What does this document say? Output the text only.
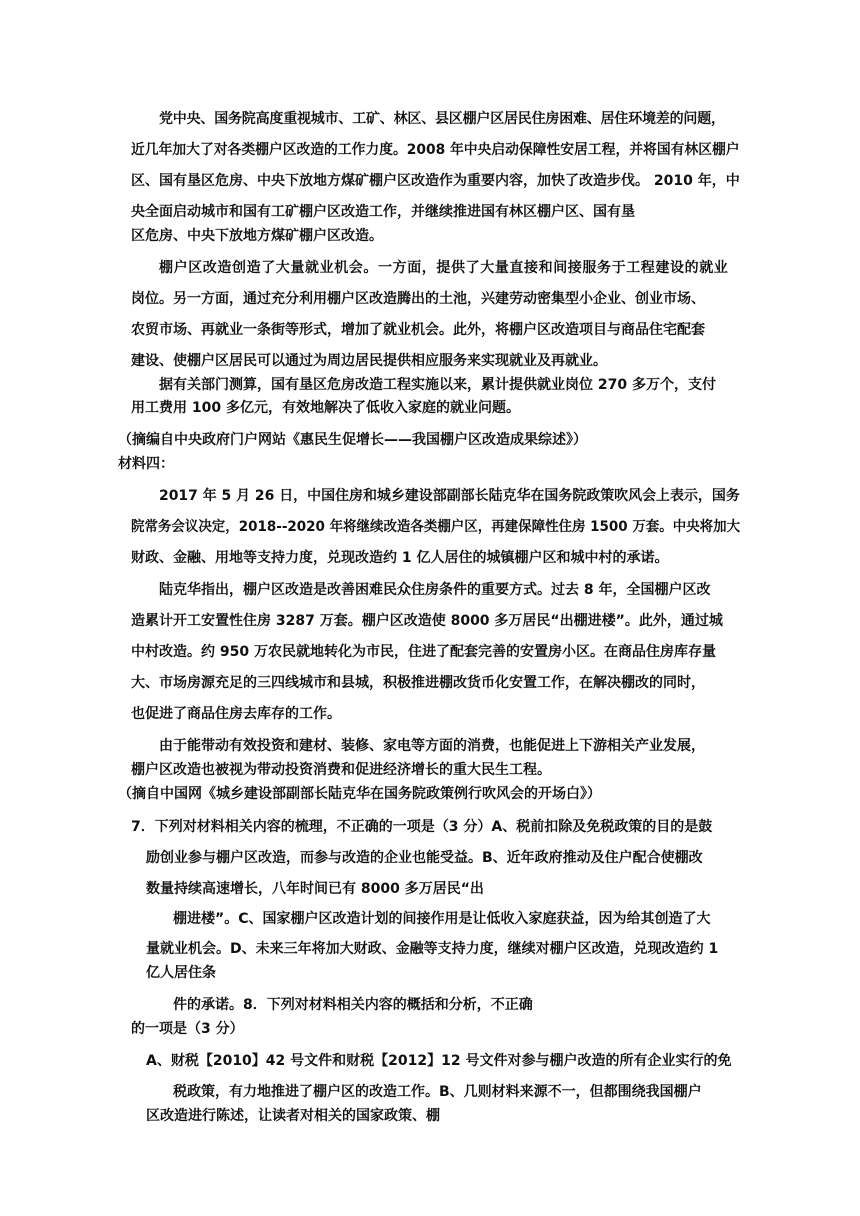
党中央、国务院高度重视城市、工矿、林区、县区棚户区居民住房困难、居住环境差的问题，
近几年加大了对各类棚户区改造的工作力度。2008 年中央启动保障性安居工程，并将国有林区棚户
区、国有垦区危房、中央下放地方煤矿棚户区改造作为重要内容，加快了改造步伐。 2010 年，中
央全面启动城市和国有工矿棚户区改造工作，并继续推进国有林区棚户区、国有垦
区危房、中央下放地方煤矿棚户区改造。
棚户区改造创造了大量就业机会。一方面，提供了大量直接和间接服务于工程建设的就业
岗位。另一方面，通过充分利用棚户区改造腾出的土池，兴建劳动密集型小企业、创业市场、
农贸市场、再就业一条街等形式，增加了就业机会。此外，将棚户区改造项目与商品住宅配套
建设、使棚户区居民可以通过为周边居民提供相应服务来实现就业及再就业。
据有关部门测算，国有垦区危房改造工程实施以来，累计提供就业岗位 270 多万个，支付
用工费用 100 多亿元，有效地解决了低收入家庭的就业问题。
（摘编自中央政府门户网站《惠民生促增长——我国棚户区改造成果综述》）
材料四：
2017 年 5 月 26 日，中国住房和城乡建设部副部长陆克华在国务院政策吹风会上表示，国务
院常务会议决定，2018--2020 年将继续改造各类棚户区，再建保障性住房 1500 万套。中央将加大
财政、金融、用地等支持力度，兑现改造约 1 亿人居住的城镇棚户区和城中村的承诺。
陆克华指出，棚户区改造是改善困难民众住房条件的重要方式。过去 8 年，全国棚户区改
造累计开工安置性住房 3287 万套。棚户区改造使 8000 多万居民“出棚进楼”。此外，通过城
中村改造。约 950 万农民就地转化为市民，住进了配套完善的安置房小区。在商品住房库存量
大、市场房源充足的三四线城市和县城，积极推进棚改货币化安置工作，在解决棚改的同时，
也促进了商品住房去库存的工作。
由于能带动有效投资和建材、装修、家电等方面的消费，也能促进上下游相关产业发展，
棚户区改造也被视为带动投资消费和促进经济增长的重大民生工程。
（摘自中国网《城乡建设部副部长陆克华在国务院政策例行吹风会的开场白》）
7．下列对材料相关内容的梳理，不正确的一项是（3 分）A、税前扣除及免税政策的目的是鼓
励创业参与棚户区改造，而参与改造的企业也能受益。B、近年政府推动及住户配合使棚改
数量持续高速增长，八年时间已有 8000 多万居民“出
棚进楼”。C、国家棚户区改造计划的间接作用是让低收入家庭获益，因为给其创造了大
量就业机会。D、未来三年将加大财政、金融等支持力度，继续对棚户区改造，兑现改造约 1
亿人居住条
件的承诺。8．下列对材料相关内容的概括和分析，不正确
的一项是（3 分）
A、财税【2010】42 号文件和财税【2012】12 号文件对参与棚户改造的所有企业实行的免
税政策，有力地推进了棚户区的改造工作。B、几则材料来源不一，但都围绕我国棚户
区改造进行陈述，让读者对相关的国家政策、棚
